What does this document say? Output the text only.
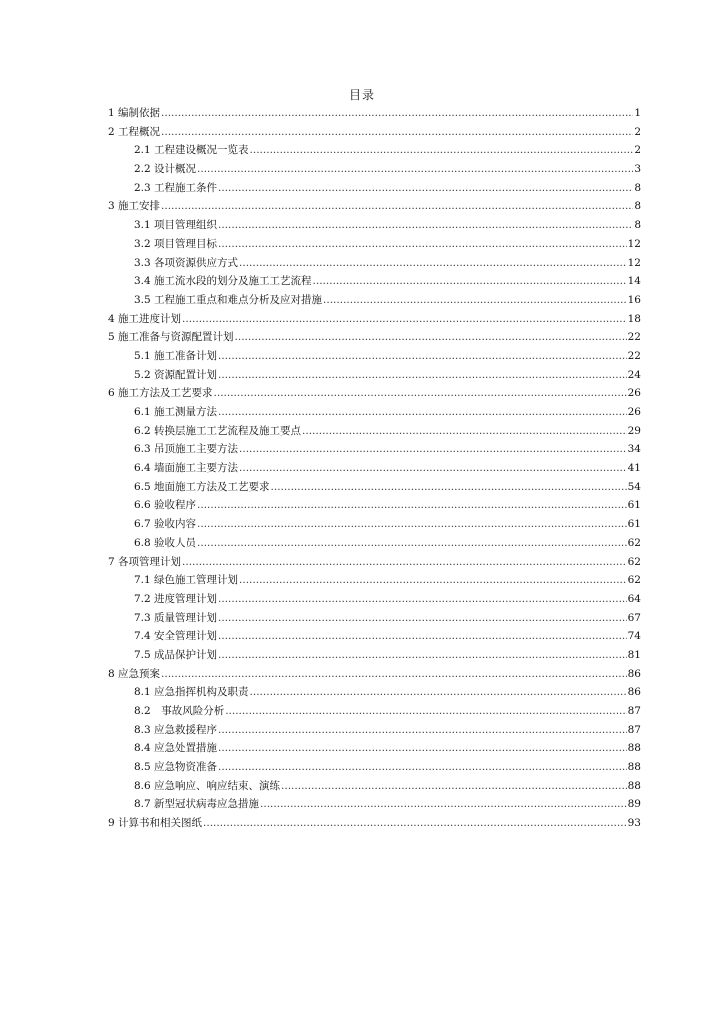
目录
1 编制依据 .....	1
2 工程概况 .....	2
2.1 工程建设概况一览表 .....	2
2.2 设计概况 .....	3
2.3 工程施工条件 .....	8
3 施工安排 .....	8
3.1 项目管理组织 .....	8
3.2 项目管理目标 .....	12
3.3 各项资源供应方式 .....	12
3.4 施工流水段的划分及施工工艺流程 .....	14
3.5 工程施工重点和难点分析及应对措施 .....	16
4 施工进度计划 .....	18
5 施工准备与资源配置计划 .....	22
5.1 施工准备计划 .....	22
5.2 资源配置计划 .....	24
6 施工方法及工艺要求 .....	26
6.1 施工测量方法 .....	26
6.2 转换层施工工艺流程及施工要点 .....	29
6.3 吊顶施工主要方法 .....	34
6.4 墙面施工主要方法 .....	41
6.5 地面施工方法及工艺要求 .....	54
6.6 验收程序 .....	61
6.7 验收内容 .....	61
6.8 验收人员 .....	62
7 各项管理计划 .....	62
7.1 绿色施工管理计划 .....	62
7.2 进度管理计划 .....	64
7.3 质量管理计划 .....	67
7.4 安全管理计划 .....	74
7.5 成品保护计划 .....	81
8 应急预案 .....	86
8.1 应急指挥机构及职责 .....	86
8.2　事故风险分析 .....	87
8.3 应急救援程序 .....	87
8.4 应急处置措施 .....	88
8.5 应急物资准备 .....	88
8.6 应急响应、响应结束、演练 .....	88
8.7 新型冠状病毒应急措施 .....	89
9 计算书和相关图纸 .....	93
